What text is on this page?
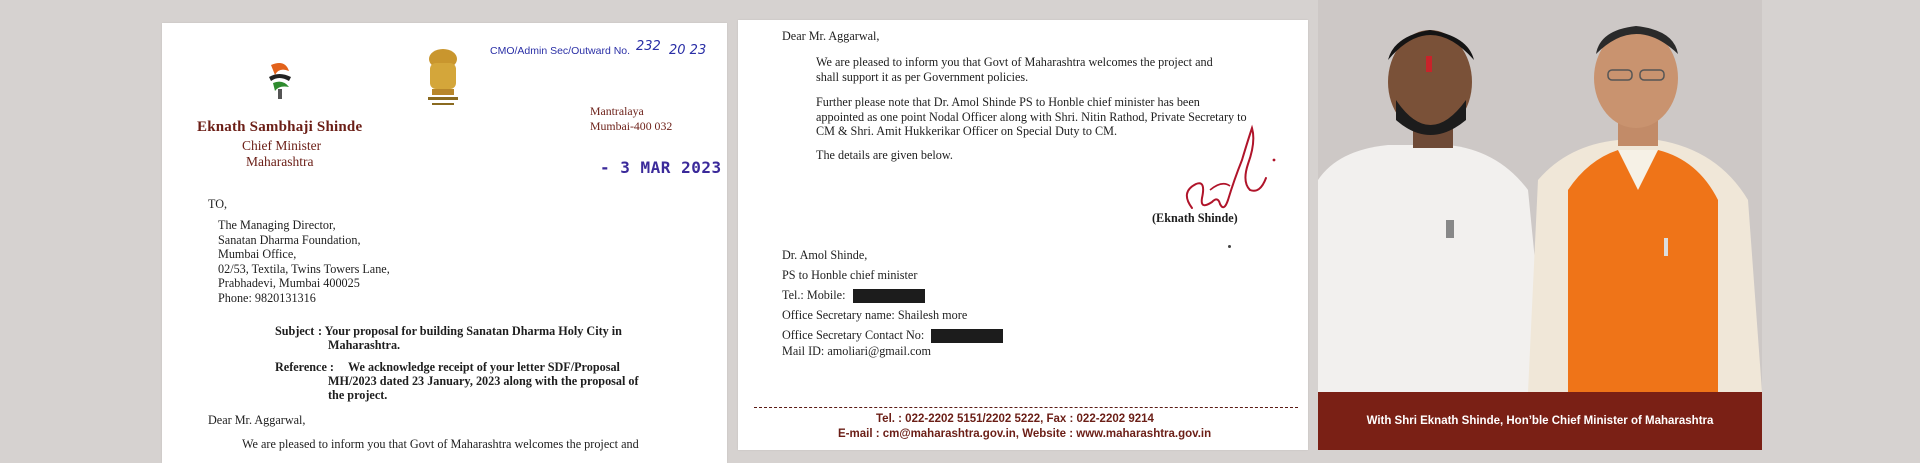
Eknath Sambhaji Shinde
Chief Minister
Maharashtra
CMO/Admin Sec/Outward No. 232 20 23
Mantralaya
Mumbai-400 032
- 3 MAR 2023
TO,
The Managing Director,
Sanatan Dharma Foundation,
Mumbai Office,
02/53, Textila, Twins Towers Lane,
Prabhadevi, Mumbai 400025
Phone: 9820131316
Subject : Your proposal for building Sanatan Dharma Holy City in
Maharashtra.
Reference : We acknowledge receipt of your letter SDF/Proposal
MH/2023 dated 23 January, 2023 along with the proposal of
the project.
Dear Mr. Aggarwal,
We are pleased to inform you that Govt of Maharashtra welcomes the project and
Dear Mr. Aggarwal,
We are pleased to inform you that Govt of Maharashtra welcomes the project and
shall support it as per Government policies.
Further please note that Dr. Amol Shinde PS to Honble chief minister has been
appointed as one point Nodal Officer along with Shri. Nitin Rathod, Private Secretary to
CM & Shri. Amit Hukkerikar Officer on Special Duty to CM.
The details are given below.
(Eknath Shinde)
Dr. Amol Shinde,
PS to Honble chief minister
Tel.: Mobile:
Office Secretary name: Shailesh more
Office Secretary Contact No:
Mail ID: amoliari@gmail.com
Tel. : 022-2202 5151/2202 5222, Fax : 022-2202 9214
E-mail : cm@maharashtra.gov.in, Website : www.maharashtra.gov.in
With Shri Eknath Shinde, Hon’ble Chief Minister of Maharashtra
